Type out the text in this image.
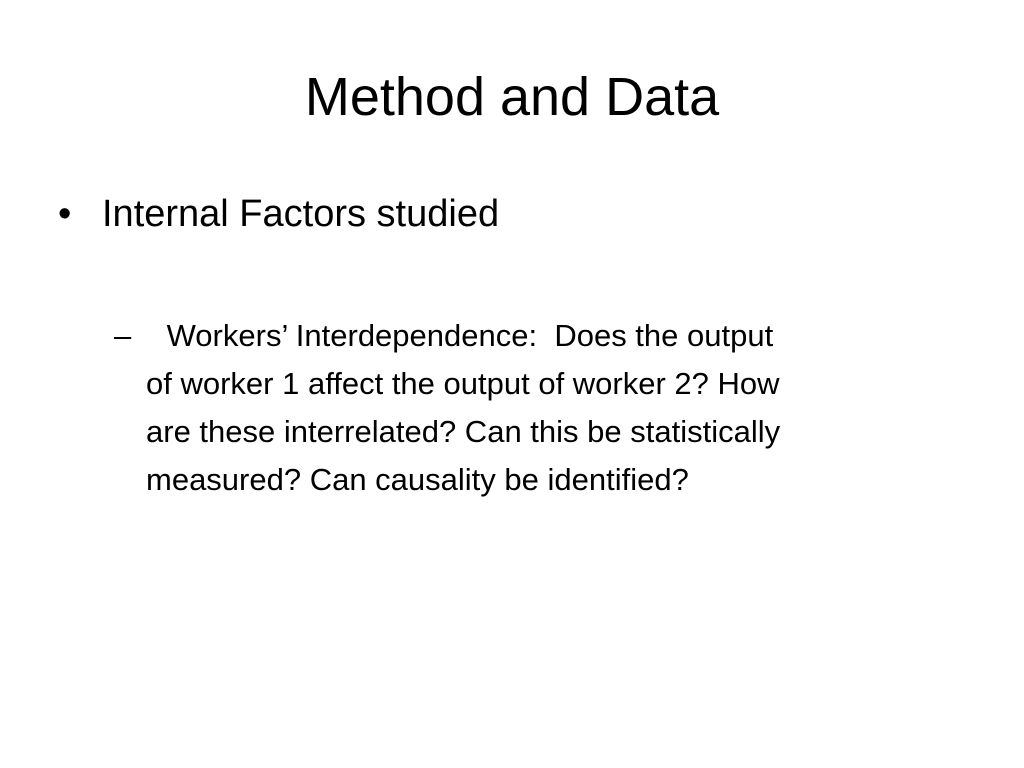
Method and Data
• Internal Factors studied
– Workers’ Interdependence:  Does the output
of worker 1 affect the output of worker 2? How
are these interrelated? Can this be statistically
measured? Can causality be identified?
